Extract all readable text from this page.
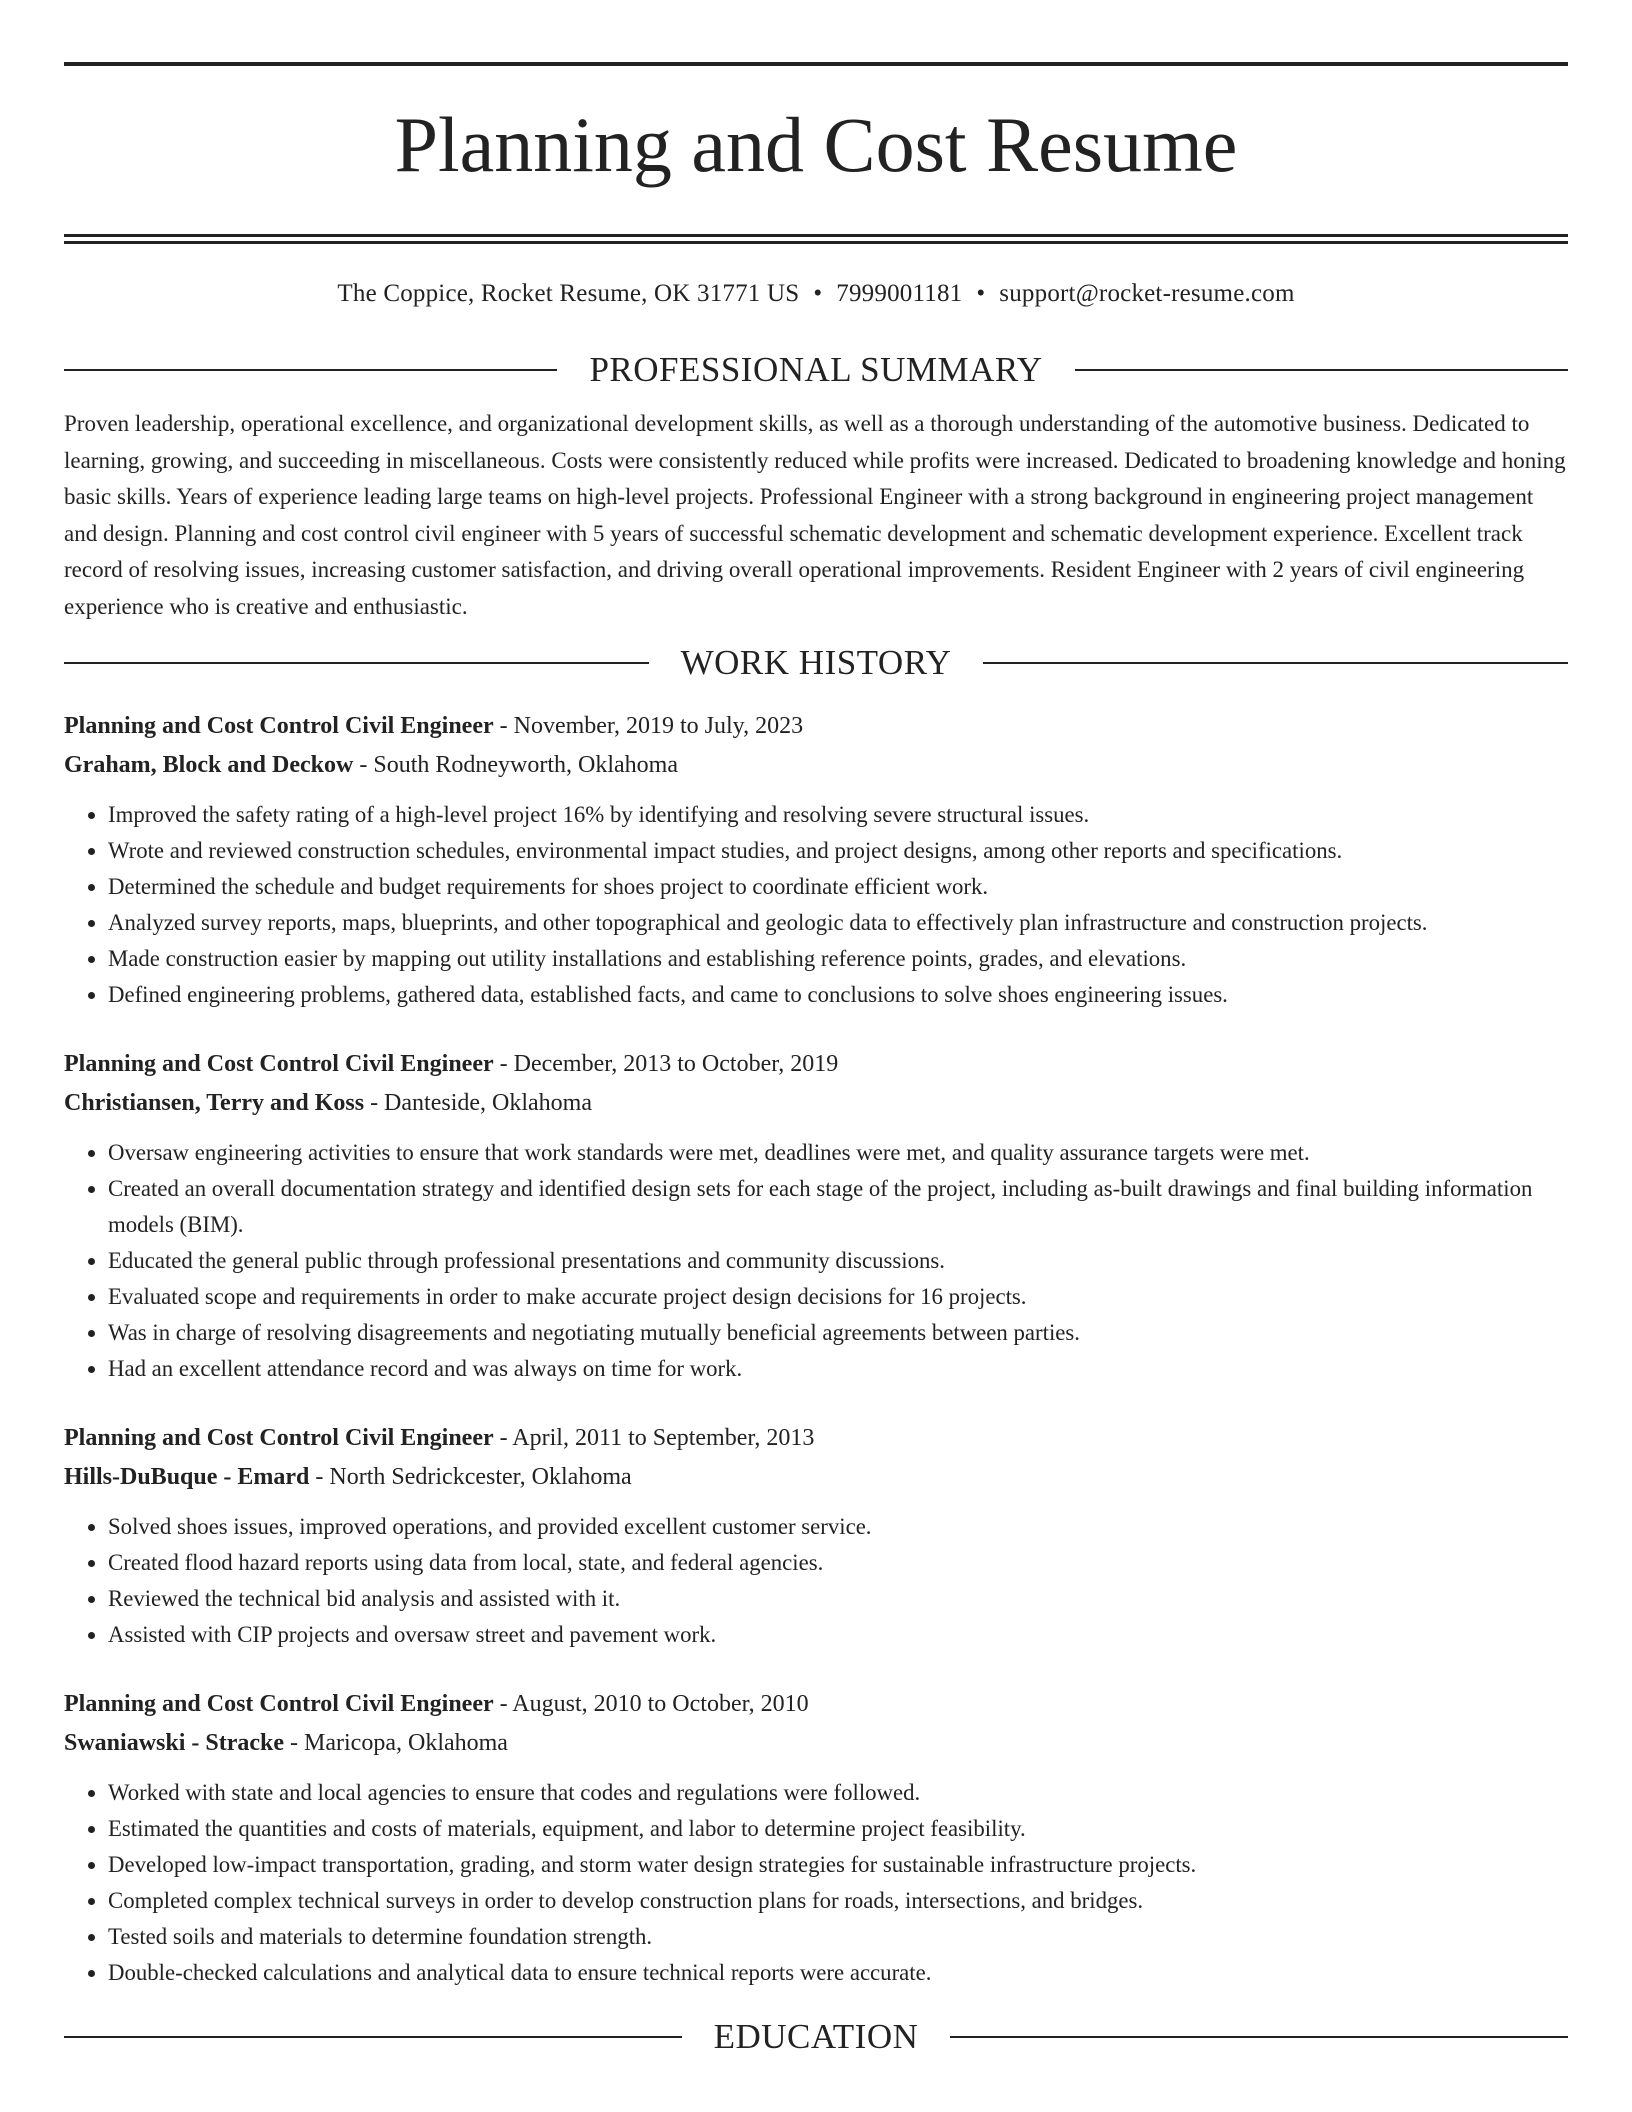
Planning and Cost Resume
The Coppice, Rocket Resume, OK 31771 US • 7999001181 • support@rocket-resume.com
PROFESSIONAL SUMMARY

Proven leadership, operational excellence, and organizational development skills, as well as a thorough understanding of the automotive business. Dedicated to learning, growing, and succeeding in miscellaneous. Costs were consistently reduced while profits were increased. Dedicated to broadening knowledge and honing basic skills. Years of experience leading large teams on high-level projects. Professional Engineer with a strong background in engineering project management and design. Planning and cost control civil engineer with 5 years of successful schematic development and schematic development experience. Excellent track record of resolving issues, increasing customer satisfaction, and driving overall operational improvements. Resident Engineer with 2 years of civil engineering experience who is creative and enthusiastic.

WORK HISTORY
Planning and Cost Control Civil Engineer - November, 2019 to July, 2023
Graham, Block and Deckow - South Rodneyworth, Oklahoma
• Improved the safety rating of a high-level project 16% by identifying and resolving severe structural issues.
• Wrote and reviewed construction schedules, environmental impact studies, and project designs, among other reports and specifications.
• Determined the schedule and budget requirements for shoes project to coordinate efficient work.
• Analyzed survey reports, maps, blueprints, and other topographical and geologic data to effectively plan infrastructure and construction projects.
• Made construction easier by mapping out utility installations and establishing reference points, grades, and elevations.
• Defined engineering problems, gathered data, established facts, and came to conclusions to solve shoes engineering issues.
Planning and Cost Control Civil Engineer - December, 2013 to October, 2019
Christiansen, Terry and Koss - Danteside, Oklahoma
• Oversaw engineering activities to ensure that work standards were met, deadlines were met, and quality assurance targets were met.
• Created an overall documentation strategy and identified design sets for each stage of the project, including as-built drawings and final building information models (BIM).
• Educated the general public through professional presentations and community discussions.
• Evaluated scope and requirements in order to make accurate project design decisions for 16 projects.
• Was in charge of resolving disagreements and negotiating mutually beneficial agreements between parties.
• Had an excellent attendance record and was always on time for work.
Planning and Cost Control Civil Engineer - April, 2011 to September, 2013
Hills-DuBuque - Emard - North Sedrickcester, Oklahoma
• Solved shoes issues, improved operations, and provided excellent customer service.
• Created flood hazard reports using data from local, state, and federal agencies.
• Reviewed the technical bid analysis and assisted with it.
• Assisted with CIP projects and oversaw street and pavement work.
Planning and Cost Control Civil Engineer - August, 2010 to October, 2010
Swaniawski - Stracke - Maricopa, Oklahoma
• Worked with state and local agencies to ensure that codes and regulations were followed.
• Estimated the quantities and costs of materials, equipment, and labor to determine project feasibility.
• Developed low-impact transportation, grading, and storm water design strategies for sustainable infrastructure projects.
• Completed complex technical surveys in order to develop construction plans for roads, intersections, and bridges.
• Tested soils and materials to determine foundation strength.
• Double-checked calculations and analytical data to ensure technical reports were accurate.
EDUCATION
